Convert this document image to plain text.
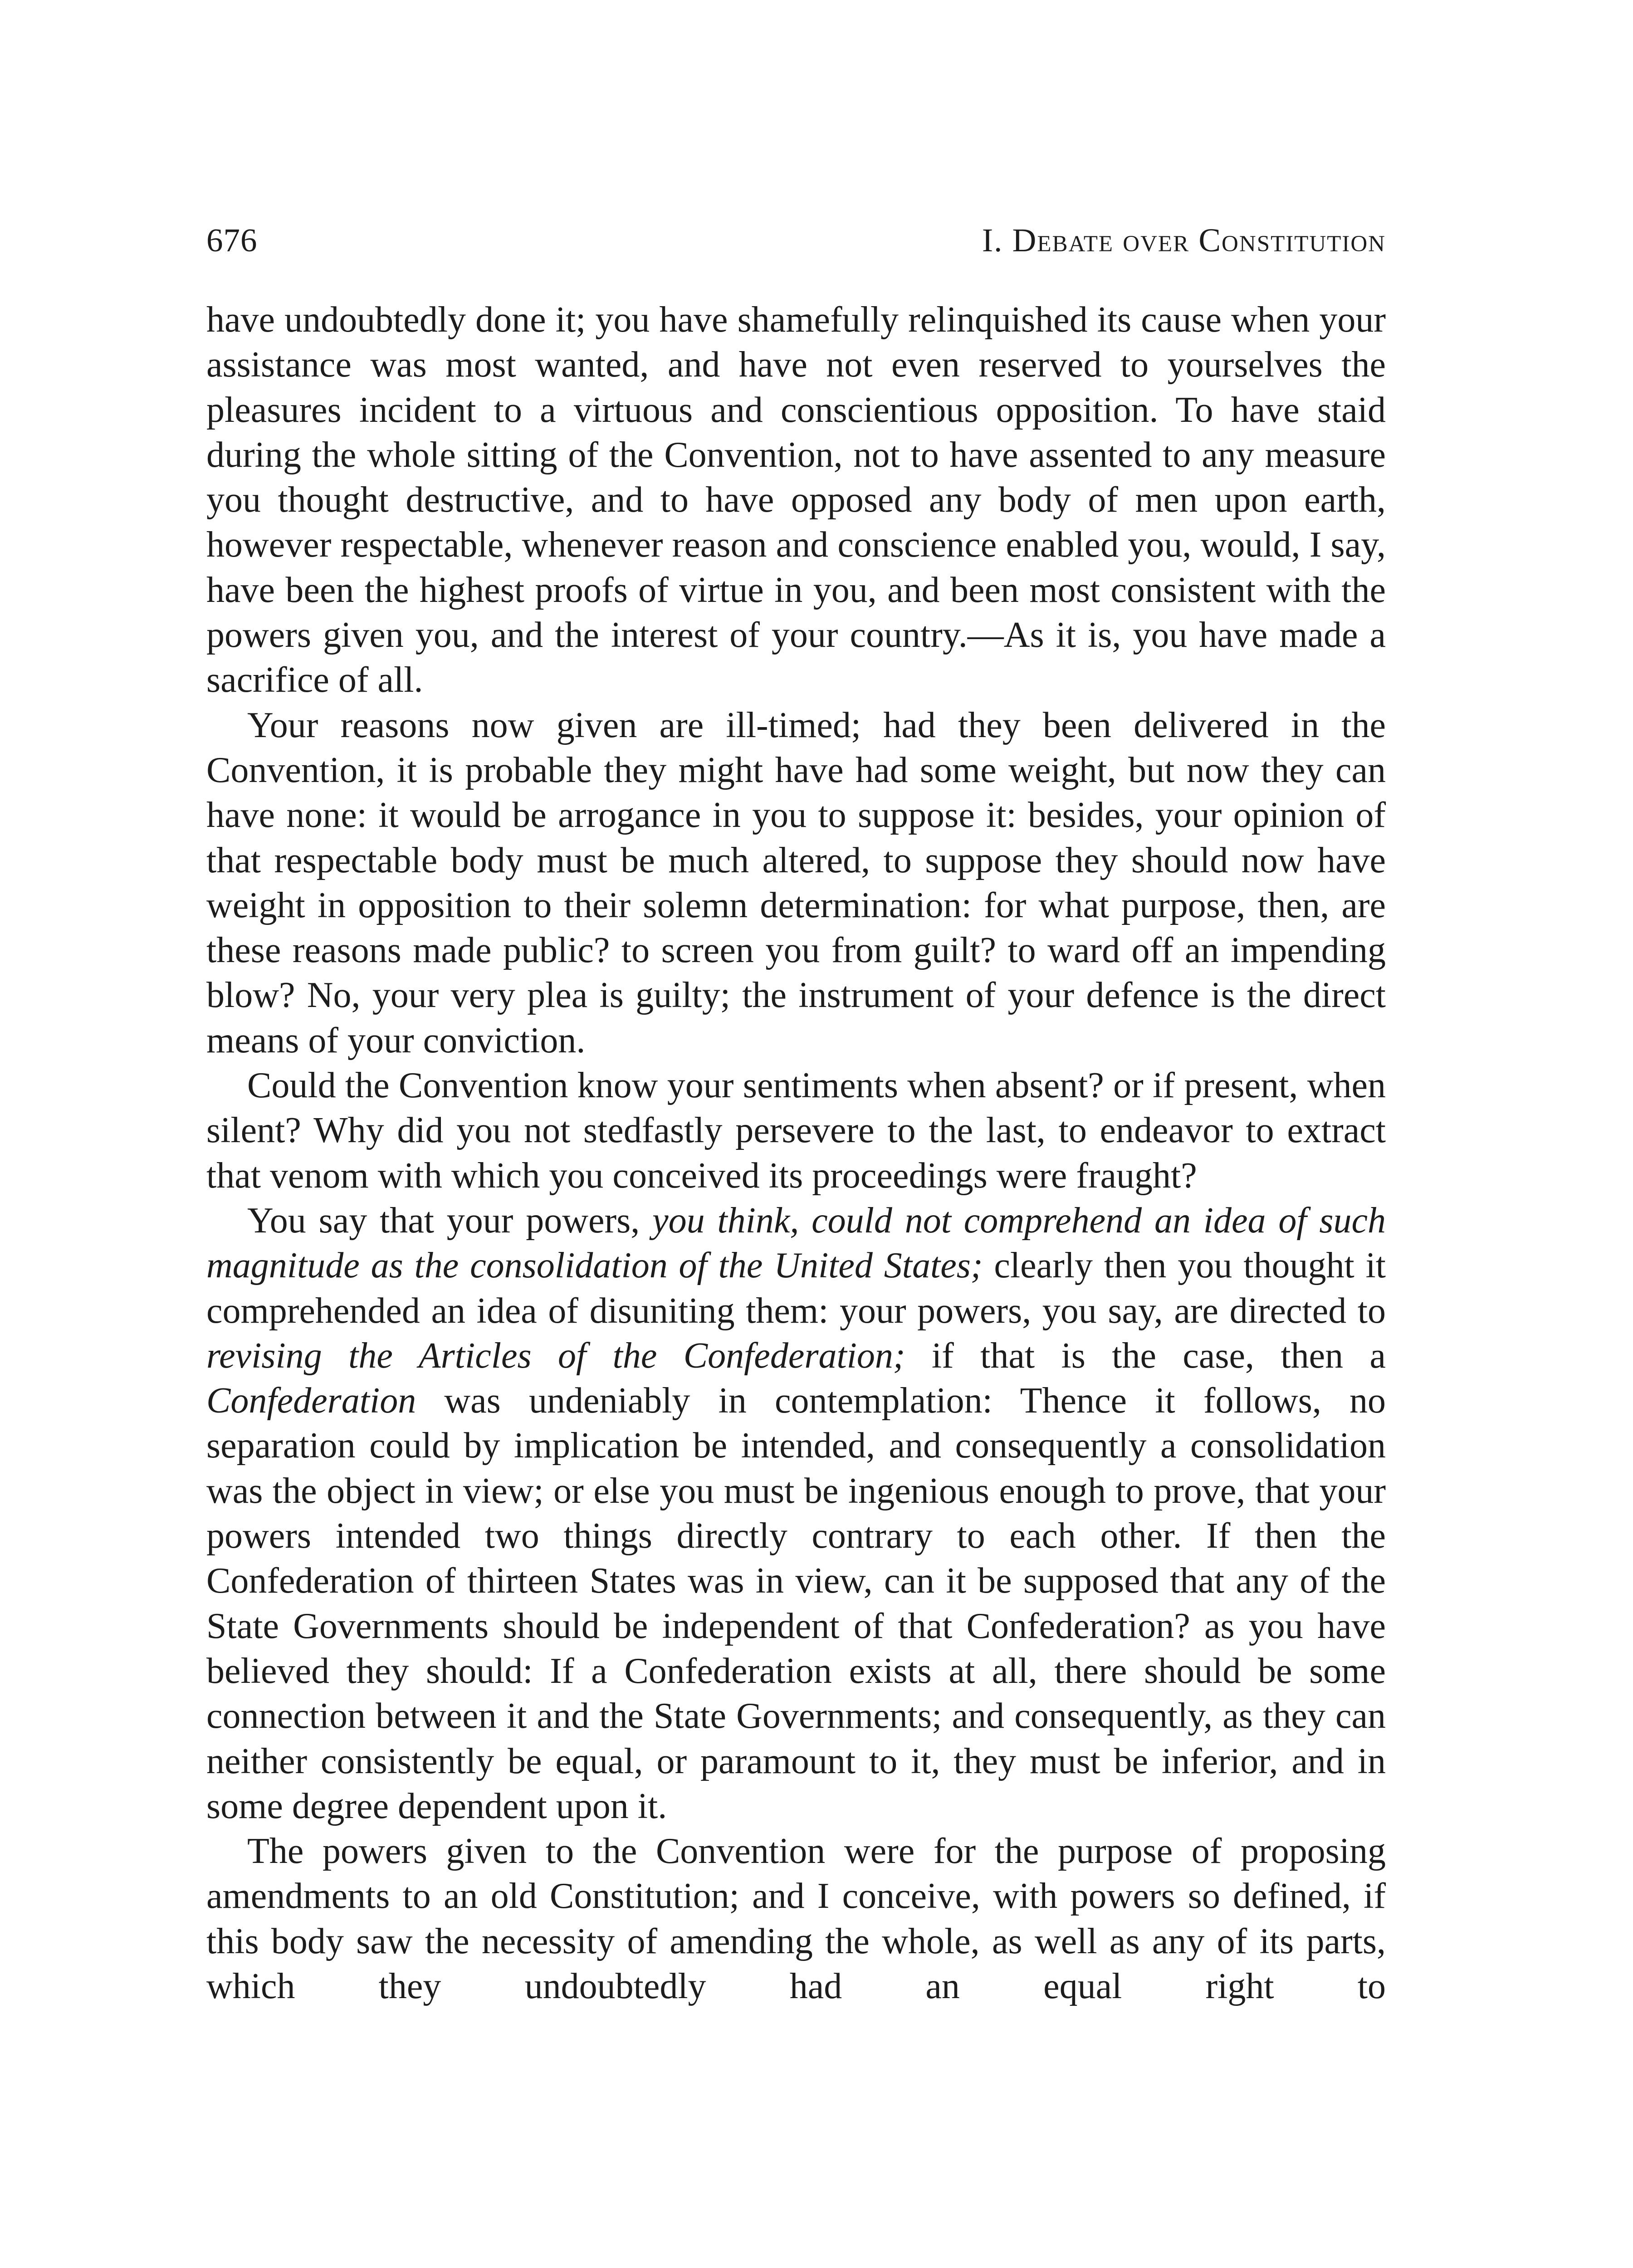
676	I. Debate over Constitution

have undoubtedly done it; you have shamefully relinquished its cause when your assistance was most wanted, and have not even reserved to yourselves the pleasures incident to a virtuous and conscientious opposition. To have staid during the whole sitting of the Convention, not to have assented to any measure you thought destructive, and to have opposed any body of men upon earth, however respectable, whenever reason and conscience enabled you, would, I say, have been the highest proofs of virtue in you, and been most consistent with the powers given you, and the interest of your country.—As it is, you have made a sacrifice of all.

Your reasons now given are ill-timed; had they been delivered in the Convention, it is probable they might have had some weight, but now they can have none: it would be arrogance in you to suppose it: besides, your opinion of that respectable body must be much altered, to suppose they should now have weight in opposition to their solemn determination: for what purpose, then, are these reasons made public? to screen you from guilt? to ward off an impending blow? No, your very plea is guilty; the instrument of your defence is the direct means of your conviction.

Could the Convention know your sentiments when absent? or if present, when silent? Why did you not stedfastly persevere to the last, to endeavor to extract that venom with which you conceived its proceedings were fraught?

You say that your powers, you think, could not comprehend an idea of such magnitude as the consolidation of the United States; clearly then you thought it comprehended an idea of disuniting them: your powers, you say, are directed to revising the Articles of the Confederation; if that is the case, then a Confederation was undeniably in contemplation: Thence it follows, no separation could by implication be intended, and consequently a consolidation was the object in view; or else you must be ingenious enough to prove, that your powers intended two things directly contrary to each other. If then the Confederation of thirteen States was in view, can it be supposed that any of the State Governments should be independent of that Confederation? as you have believed they should: If a Confederation exists at all, there should be some connection between it and the State Governments; and consequently, as they can neither consistently be equal, or paramount to it, they must be inferior, and in some degree dependent upon it.

The powers given to the Convention were for the purpose of proposing amendments to an old Constitution; and I conceive, with powers so defined, if this body saw the necessity of amending the whole, as well as any of its parts, which they undoubtedly had an equal right to
